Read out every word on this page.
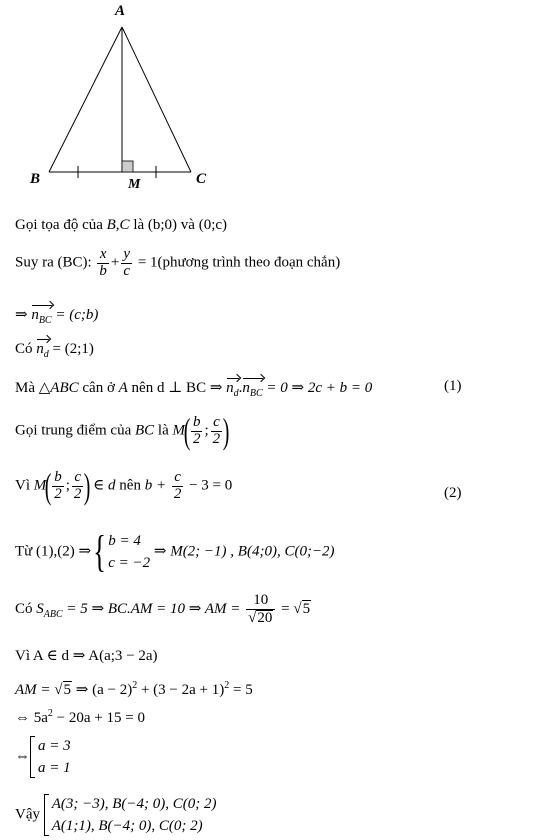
A
B	C
M
Gọi tọa độ của B,C là (b;0) và (0;c)
Suy ra (BC): $\frac{x}{b} + \frac{y}{c}$ = 1(phương trình theo đoạn chắn)
⇒ $n_{BC}$ = (c;b)
Có $n_d$ = (2;1)
Mà △ABC cân ở A nên d ⊥ BC ⇒ $n_d.n_{BC} = 0$ ⇒ 2c + b = 0	(1)
Gọi trung điểm của BC là $M( \frac{b}{2}$ ; $\frac{c}{2}$ )
Vì $M( \frac{b}{2}$ ; $\frac{c}{2}$ ) ∈ d nên $b + \frac{c}{2} - 3 = 0$	(2)
Từ (1),(2) ⇒{ b = 4
c = −2
⇒ M(2; −1) , B(4;0), C(0;−2)
Có $S_{ABC} = 5$ ⇒ BC.AM = 10 ⇒ AM = $\frac{10}{√20} = √5$
Vì A ∈ d ⇒ A(a;3 − 2a)
AM = √5 ⇒ $(a - 2)^2 + (3 - 2a + 1)^2 = 5$
⇔ $5a^2 - 20a + 15 = 0$
⇔
a = 3
a = 1
Vậy
A(3; −3), B(−4; 0), C(0; 2)
A(1;1), B(−4; 0), C(0; 2)
